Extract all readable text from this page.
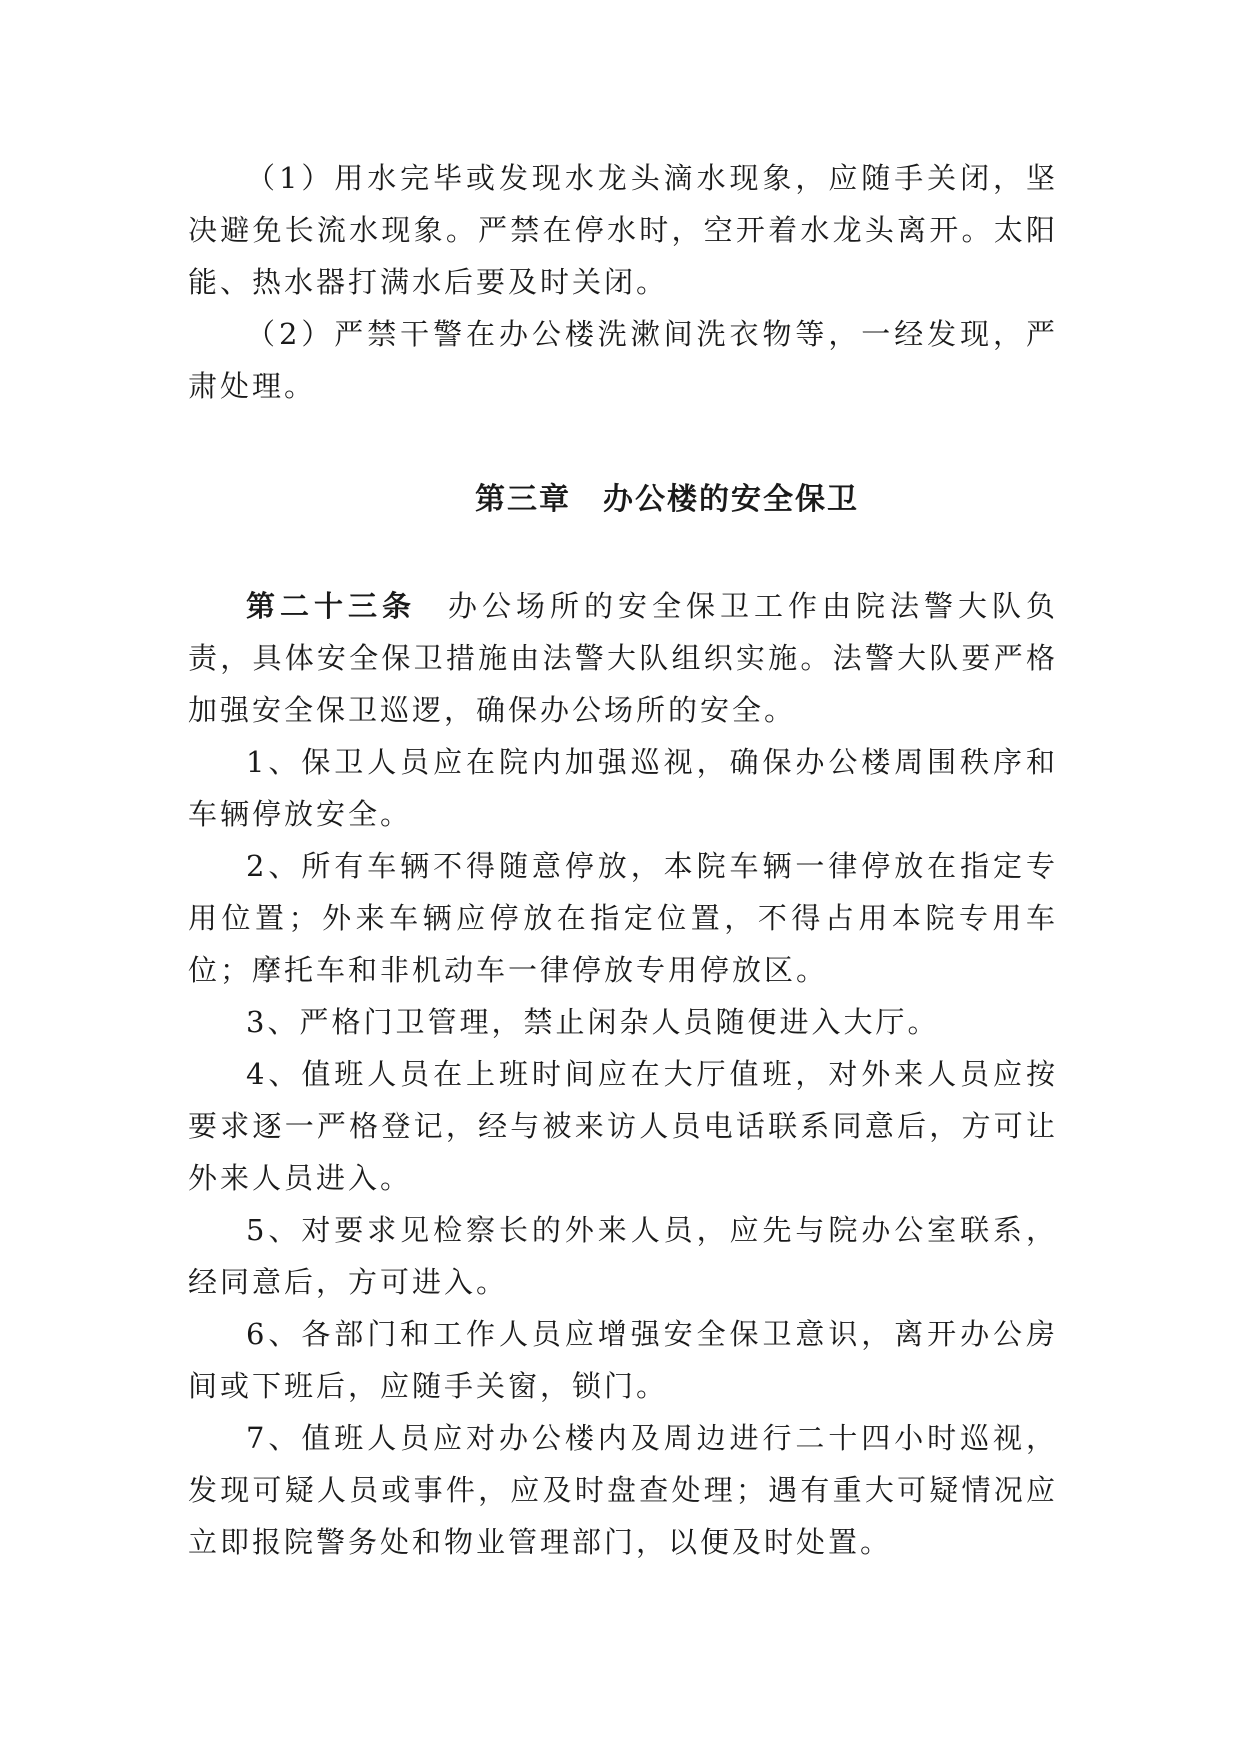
（1）用水完毕或发现水龙头滴水现象，应随手关闭，坚决避免长流水现象。严禁在停水时，空开着水龙头离开。太阳能、热水器打满水后要及时关闭。

（2）严禁干警在办公楼洗漱间洗衣物等，一经发现，严肃处理。

第三章　办公楼的安全保卫

第二十三条 办公场所的安全保卫工作由院法警大队负责，具体安全保卫措施由法警大队组织实施。法警大队要严格加强安全保卫巡逻，确保办公场所的安全。

1、保卫人员应在院内加强巡视，确保办公楼周围秩序和车辆停放安全。

2、所有车辆不得随意停放，本院车辆一律停放在指定专用位置；外来车辆应停放在指定位置，不得占用本院专用车位；摩托车和非机动车一律停放专用停放区。

3、严格门卫管理，禁止闲杂人员随便进入大厅。

4、值班人员在上班时间应在大厅值班，对外来人员应按要求逐一严格登记，经与被来访人员电话联系同意后，方可让外来人员进入。

5、对要求见检察长的外来人员，应先与院办公室联系，经同意后，方可进入。

6、各部门和工作人员应增强安全保卫意识，离开办公房间或下班后，应随手关窗，锁门。

7、值班人员应对办公楼内及周边进行二十四小时巡视，发现可疑人员或事件，应及时盘查处理；遇有重大可疑情况应立即报院警务处和物业管理部门，以便及时处置。
